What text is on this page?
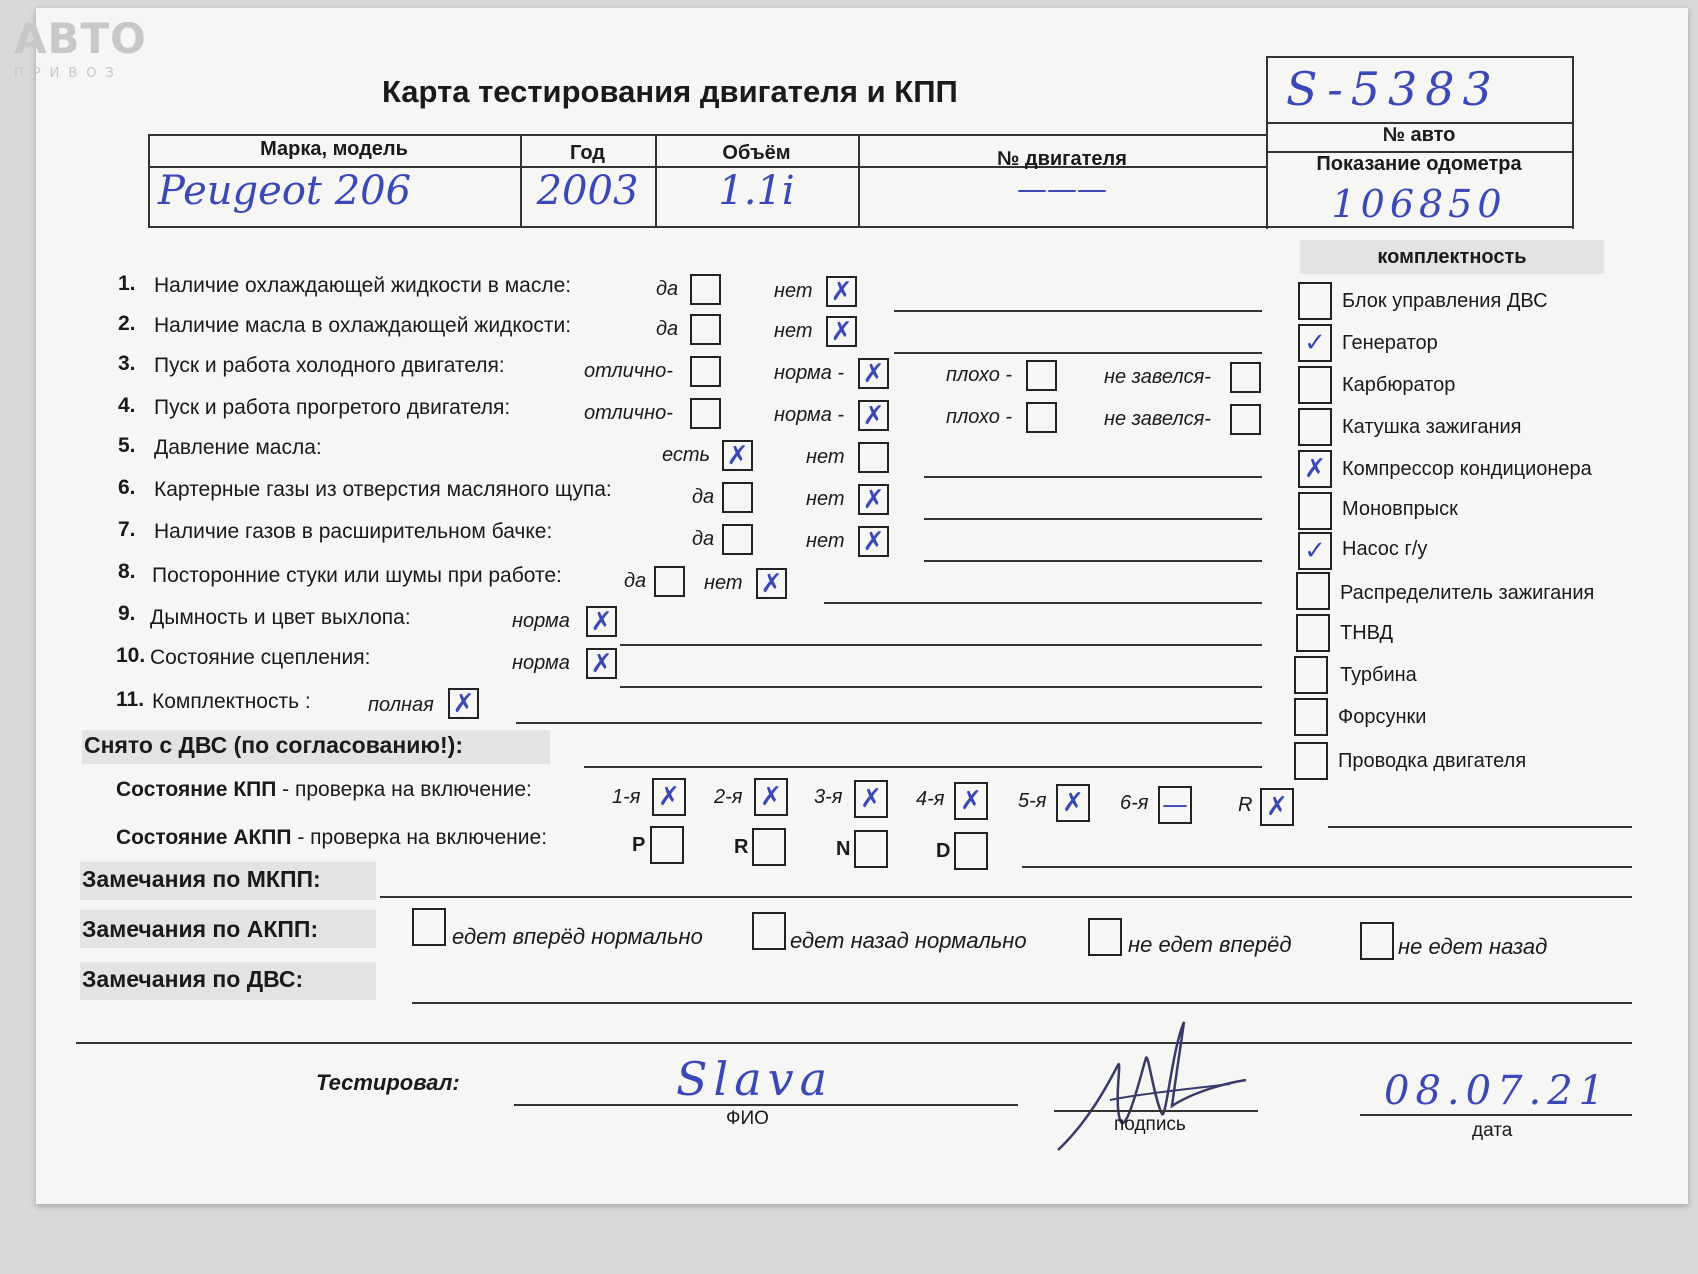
АВТО
ПРИВОЗ
Карта тестирования двигателя и КПП	S-5383
№ авто
Показание одометра
106850
Марка, модель	Год	Объём	№ двигателя
Peugeot 206	2003	1.1i	———
1. Наличие охлаждающей жидкости в масле:	да	нет ✗
2. Наличие масла в охлаждающей жидкости:	да	нет ✗
3. Пуск и работа холодного двигателя:	отлично-	норма - ✗	плохо -	не завелся-
4. Пуск и работа прогретого двигателя:	отлично-	норма - ✗	плохо -	не завелся-
5. Давление масла:	есть ✗	нет
6. Картерные газы из отверстия масляного щупа:	да	нет ✗
7. Наличие газов в расширительном бачке:	да	нет ✗
8. Посторонние стуки или шумы при работе:	да	нет ✗
9. Дымность и цвет выхлопа:	норма ✗
10. Состояние сцепления:	норма ✗
11. Комплектность :	полная ✗
комплектность
Блок управления ДВС
✓ Генератор
Карбюратор
Катушка зажигания
✗ Компрессор кондиционера
Моновпрыск
✓ Насос г/у
Распределитель зажигания
ТНВД
Турбина
Форсунки
Проводка двигателя
Снято с ДВС (по согласованию!):
Состояние КПП - проверка на включение:	1-я ✗ 2-я ✗ 3-я ✗ 4-я ✗ 5-я ✗ 6-я —	R ✗
Состояние АКПП - проверка на включение:	P	R	N	D
Замечания по МКПП:
Замечания по АКПП:	едет вперёд нормально	едет назад нормально	не едет вперёд	не едет назад
Замечания по ДВС:
Тестировал:	Slava
ФИО	подпись
08.07.21
дата
